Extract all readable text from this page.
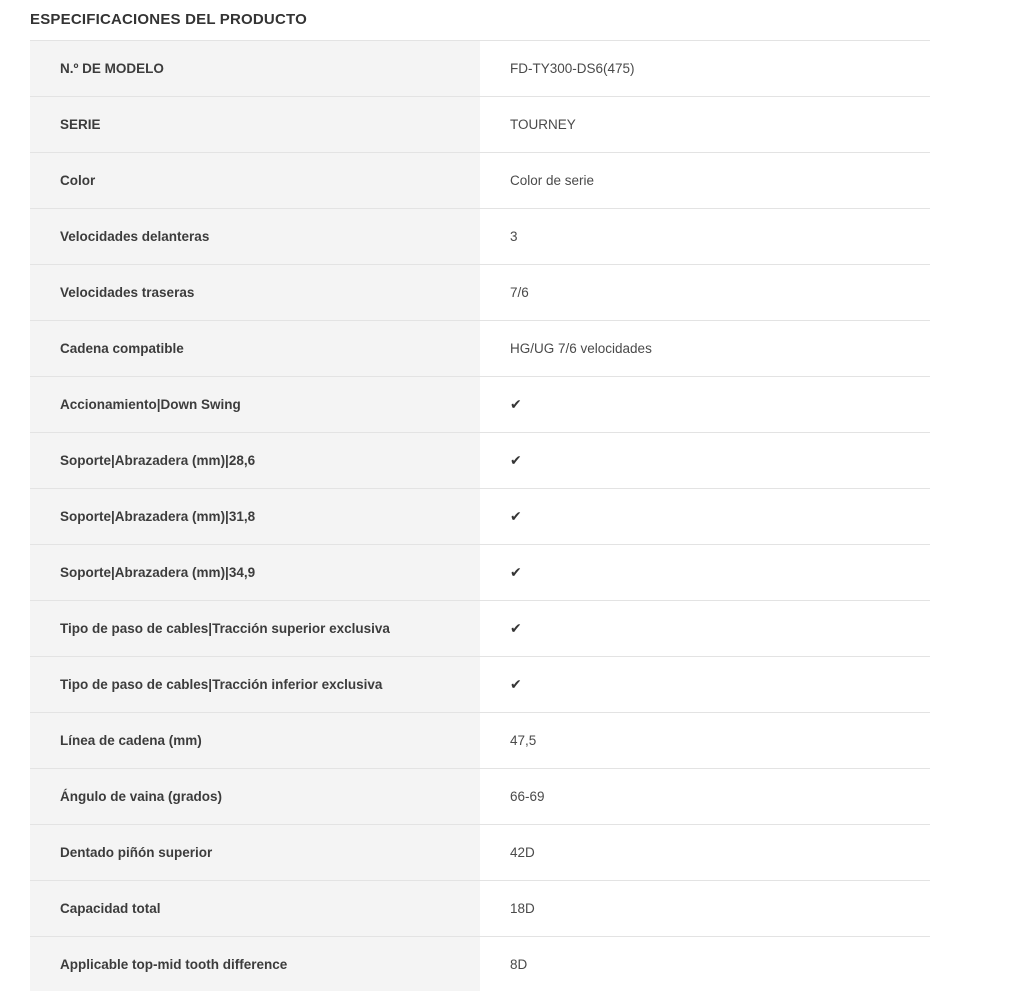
ESPECIFICACIONES DEL PRODUCTO
N.º DE MODELO	FD-TY300-DS6(475)
SERIE	TOURNEY
Color	Color de serie
Velocidades delanteras	3
Velocidades traseras	7/6
Cadena compatible	HG/UG 7/6 velocidades
Accionamiento|Down Swing	✔
Soporte|Abrazadera (mm)|28,6	✔
Soporte|Abrazadera (mm)|31,8	✔
Soporte|Abrazadera (mm)|34,9	✔
Tipo de paso de cables|Tracción superior exclusiva	✔
Tipo de paso de cables|Tracción inferior exclusiva	✔
Línea de cadena (mm)	47,5
Ángulo de vaina (grados)	66-69
Dentado piñón superior	42D
Capacidad total	18D
Applicable top-mid tooth difference	8D
